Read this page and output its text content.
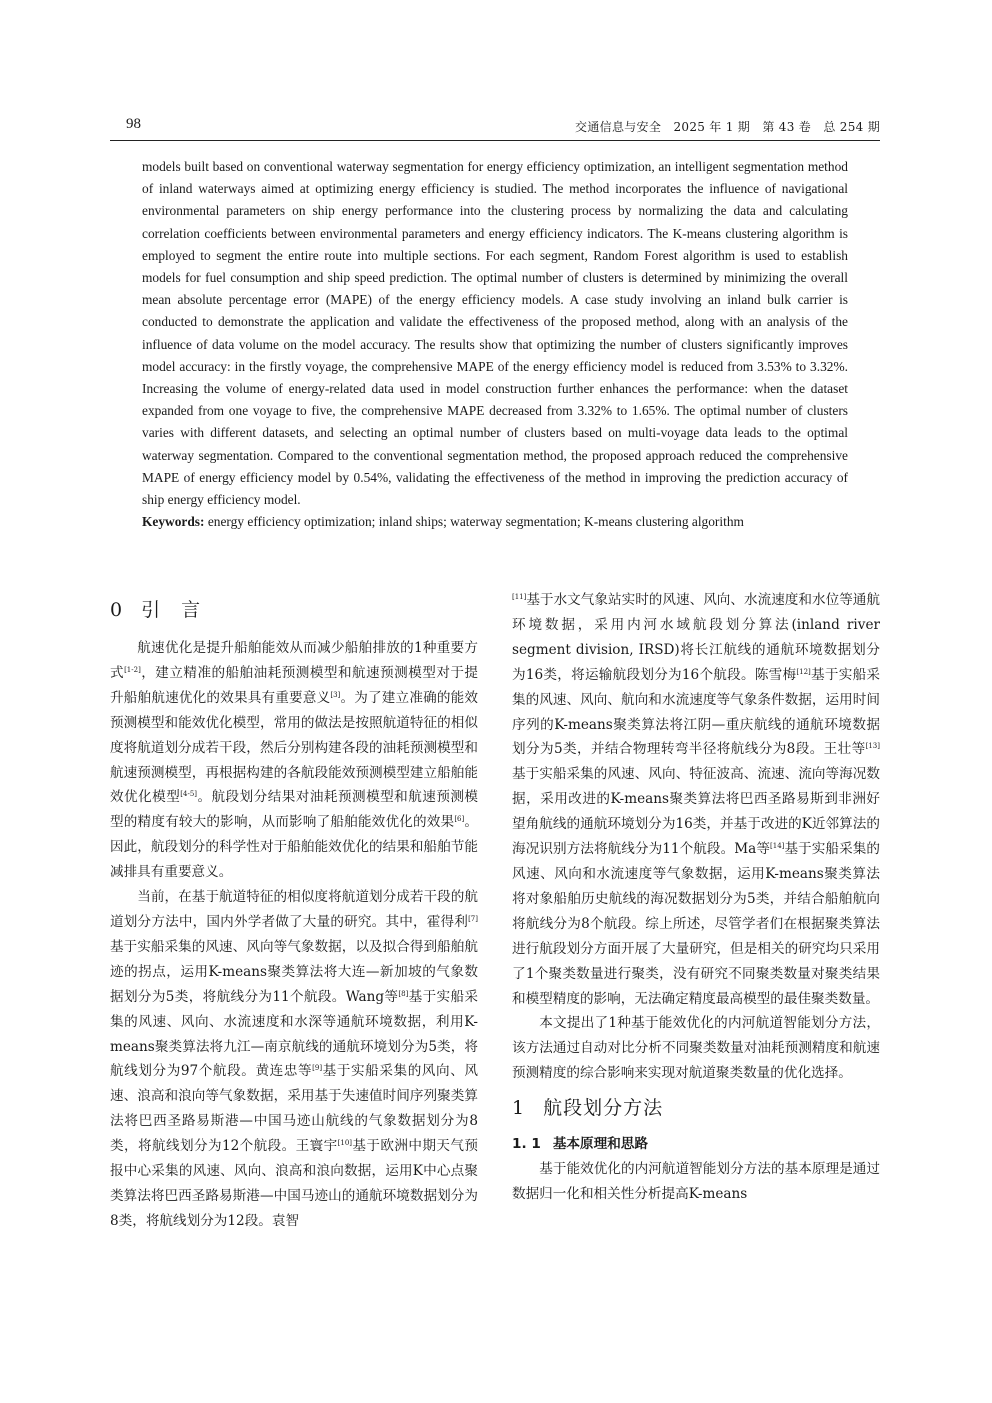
98	交通信息与安全　2025 年 1 期　第 43 卷　总 254 期
models built based on conventional waterway segmentation for energy efficiency optimization, an intelligent segmentation method of inland waterways aimed at optimizing energy efficiency is studied. The method incorporates the influence of navigational environmental parameters on ship energy performance into the clustering process by normalizing the data and calculating correlation coefficients between environmental parameters and energy efficiency indicators. The K-means clustering algorithm is employed to segment the entire route into multiple sections. For each segment, Random Forest algorithm is used to establish models for fuel consumption and ship speed prediction. The optimal number of clusters is determined by minimizing the overall mean absolute percentage error (MAPE) of the energy efficiency models. A case study involving an inland bulk carrier is conducted to demonstrate the application and validate the effectiveness of the proposed method, along with an analysis of the influence of data volume on the model accuracy. The results show that optimizing the number of clusters significantly improves model accuracy: in the firstly voyage, the comprehensive MAPE of the energy efficiency model is reduced from 3.53% to 3.32%. Increasing the volume of energy-related data used in model construction further enhances the performance: when the dataset expanded from one voyage to five, the comprehensive MAPE decreased from 3.32% to 1.65%. The optimal number of clusters varies with different datasets, and selecting an optimal number of clusters based on multi-voyage data leads to the optimal waterway segmentation. Compared to the conventional segmentation method, the proposed approach reduced the comprehensive MAPE of energy efficiency model by 0.54%, validating the effectiveness of the method in improving the prediction accuracy of ship energy efficiency model.
Keywords: energy efficiency optimization; inland ships; waterway segmentation; K-means clustering algorithm
0 引　言

航速优化是提升船舶能效从而减少船舶排放的1种重要方式[1-2]，建立精准的船舶油耗预测模型和航速预测模型对于提升船舶航速优化的效果具有重要意义[3]。为了建立准确的能效预测模型和能效优化模型，常用的做法是按照航道特征的相似度将航道划分成若干段，然后分别构建各段的油耗预测模型和航速预测模型，再根据构建的各航段能效预测模型建立船舶能效优化模型[4-5]。航段划分结果对油耗预测模型和航速预测模型的精度有较大的影响，从而影响了船舶能效优化的效果[6]。因此，航段划分的科学性对于船舶能效优化的结果和船舶节能减排具有重要意义。

当前，在基于航道特征的相似度将航道划分成若干段的航道划分方法中，国内外学者做了大量的研究。其中，霍得利[7]基于实船采集的风速、风向等气象数据，以及拟合得到船舶航迹的拐点，运用K-means聚类算法将大连—新加坡的气象数据划分为5类，将航线分为11个航段。Wang等[8]基于实船采集的风速、风向、水流速度和水深等通航环境数据，利用K-means聚类算法将九江—南京航线的通航环境划分为5类，将航线划分为97个航段。黄连忠等[9]基于实船采集的风向、风速、浪高和浪向等气象数据，采用基于失速值时间序列聚类算法将巴西圣路易斯港—中国马迹山航线的气象数据划分为8类，将航线划分为12个航段。王寰宇[10]基于欧洲中期天气预报中心采集的风速、风向、浪高和浪向数据，运用K中心点聚类算法将巴西圣路易斯港—中国马迹山的通航环境数据划分为8类，将航线划分为12段。袁智

[11]基于水文气象站实时的风速、风向、水流速度和水位等通航环境数据，采用内河水域航段划分算法(inland river segment division, IRSD)将长江航线的通航环境数据划分为16类，将运输航段划分为16个航段。陈雪梅[12]基于实船采集的风速、风向、航向和水流速度等气象条件数据，运用时间序列的K-means聚类算法将江阴—重庆航线的通航环境数据划分为5类，并结合物理转弯半径将航线分为8段。王壮等[13]基于实船采集的风速、风向、特征波高、流速、流向等海况数据，采用改进的K-means聚类算法将巴西圣路易斯到非洲好望角航线的通航环境划分为16类，并基于改进的K近邻算法的海况识别方法将航线分为11个航段。Ma等[14]基于实船采集的风速、风向和水流速度等气象数据，运用K-means聚类算法将对象船舶历史航线的海况数据划分为5类，并结合船舶航向将航线分为8个航段。综上所述，尽管学者们在根据聚类算法进行航段划分方面开展了大量研究，但是相关的研究均只采用了1个聚类数量进行聚类，没有研究不同聚类数量对聚类结果和模型精度的影响，无法确定精度最高模型的最佳聚类数量。

本文提出了1种基于能效优化的内河航道智能划分方法，该方法通过自动对比分析不同聚类数量对油耗预测精度和航速预测精度的综合影响来实现对航道聚类数量的优化选择。

1 航段划分方法
1. 1 基本原理和思路

基于能效优化的内河航道智能划分方法的基本原理是通过数据归一化和相关性分析提高K-means
